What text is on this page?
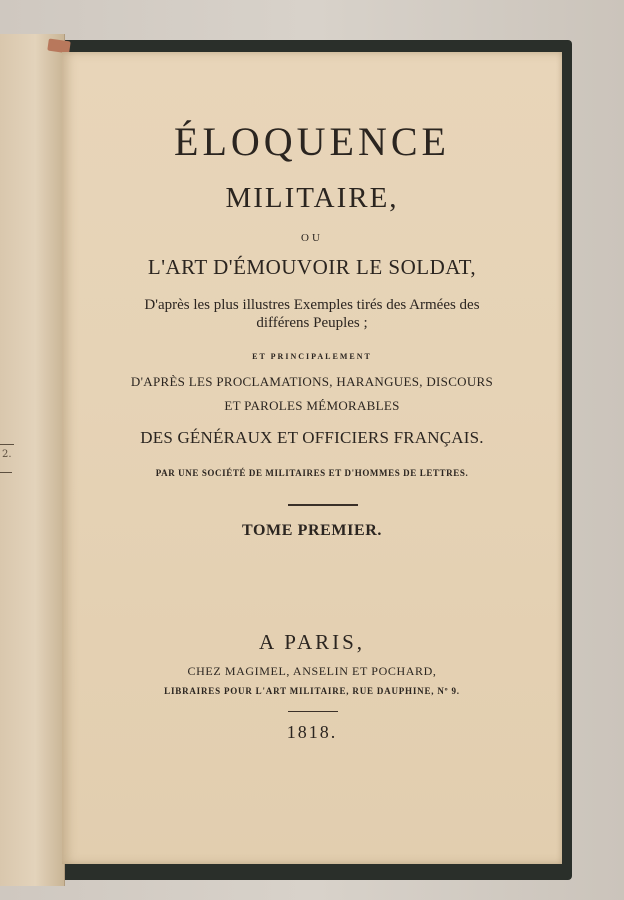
2.
ÉLOQUENCE
MILITAIRE,
OU
L'ART D'ÉMOUVOIR LE SOLDAT,
D'après les plus illustres Exemples tirés des Armées des
différens Peuples ;
ET PRINCIPALEMENT
D'APRÈS LES PROCLAMATIONS, HARANGUES, DISCOURS
ET PAROLES MÉMORABLES
DES GÉNÉRAUX ET OFFICIERS FRANÇAIS.
PAR UNE SOCIÉTÉ DE MILITAIRES ET D'HOMMES DE LETTRES.
TOME PREMIER.
A PARIS,
CHEZ MAGIMEL, ANSELIN ET POCHARD,
LIBRAIRES POUR L'ART MILITAIRE, RUE DAUPHINE, Nº 9.
1818.
